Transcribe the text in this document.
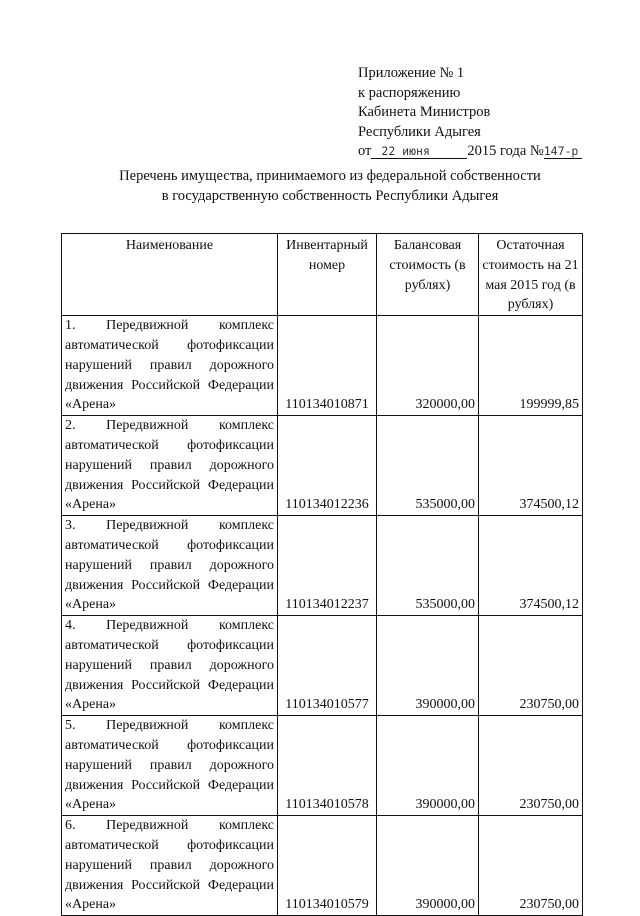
Приложение № 1
к распоряжению
Кабинета Министров
Республики Адыгея
от 22 июня	2015 года №147-р
Перечень имущества, принимаемого из федеральной собственности
в государственную собственность Республики Адыгея
Наименование	Инвентарный номер	Балансовая стоимость (в рублях)	Остаточная стоимость на 21 мая 2015 год (в рублях)
1. Передвижной комплекс автоматической фотофиксации нарушений правил дорожного движения Российской Федерации «Арена»	110134010871	320000,00	199999,85
2. Передвижной комплекс автоматической фотофиксации нарушений правил дорожного движения Российской Федерации «Арена»	110134012236	535000,00	374500,12
3. Передвижной комплекс автоматической фотофиксации нарушений правил дорожного движения Российской Федерации «Арена»	110134012237	535000,00	374500,12
4. Передвижной комплекс автоматической фотофиксации нарушений правил дорожного движения Российской Федерации «Арена»	110134010577	390000,00	230750,00
5. Передвижной комплекс автоматической фотофиксации нарушений правил дорожного движения Российской Федерации «Арена»	110134010578	390000,00	230750,00
6. Передвижной комплекс автоматической фотофиксации нарушений правил дорожного движения Российской Федерации «Арена»	110134010579	390000,00	230750,00
